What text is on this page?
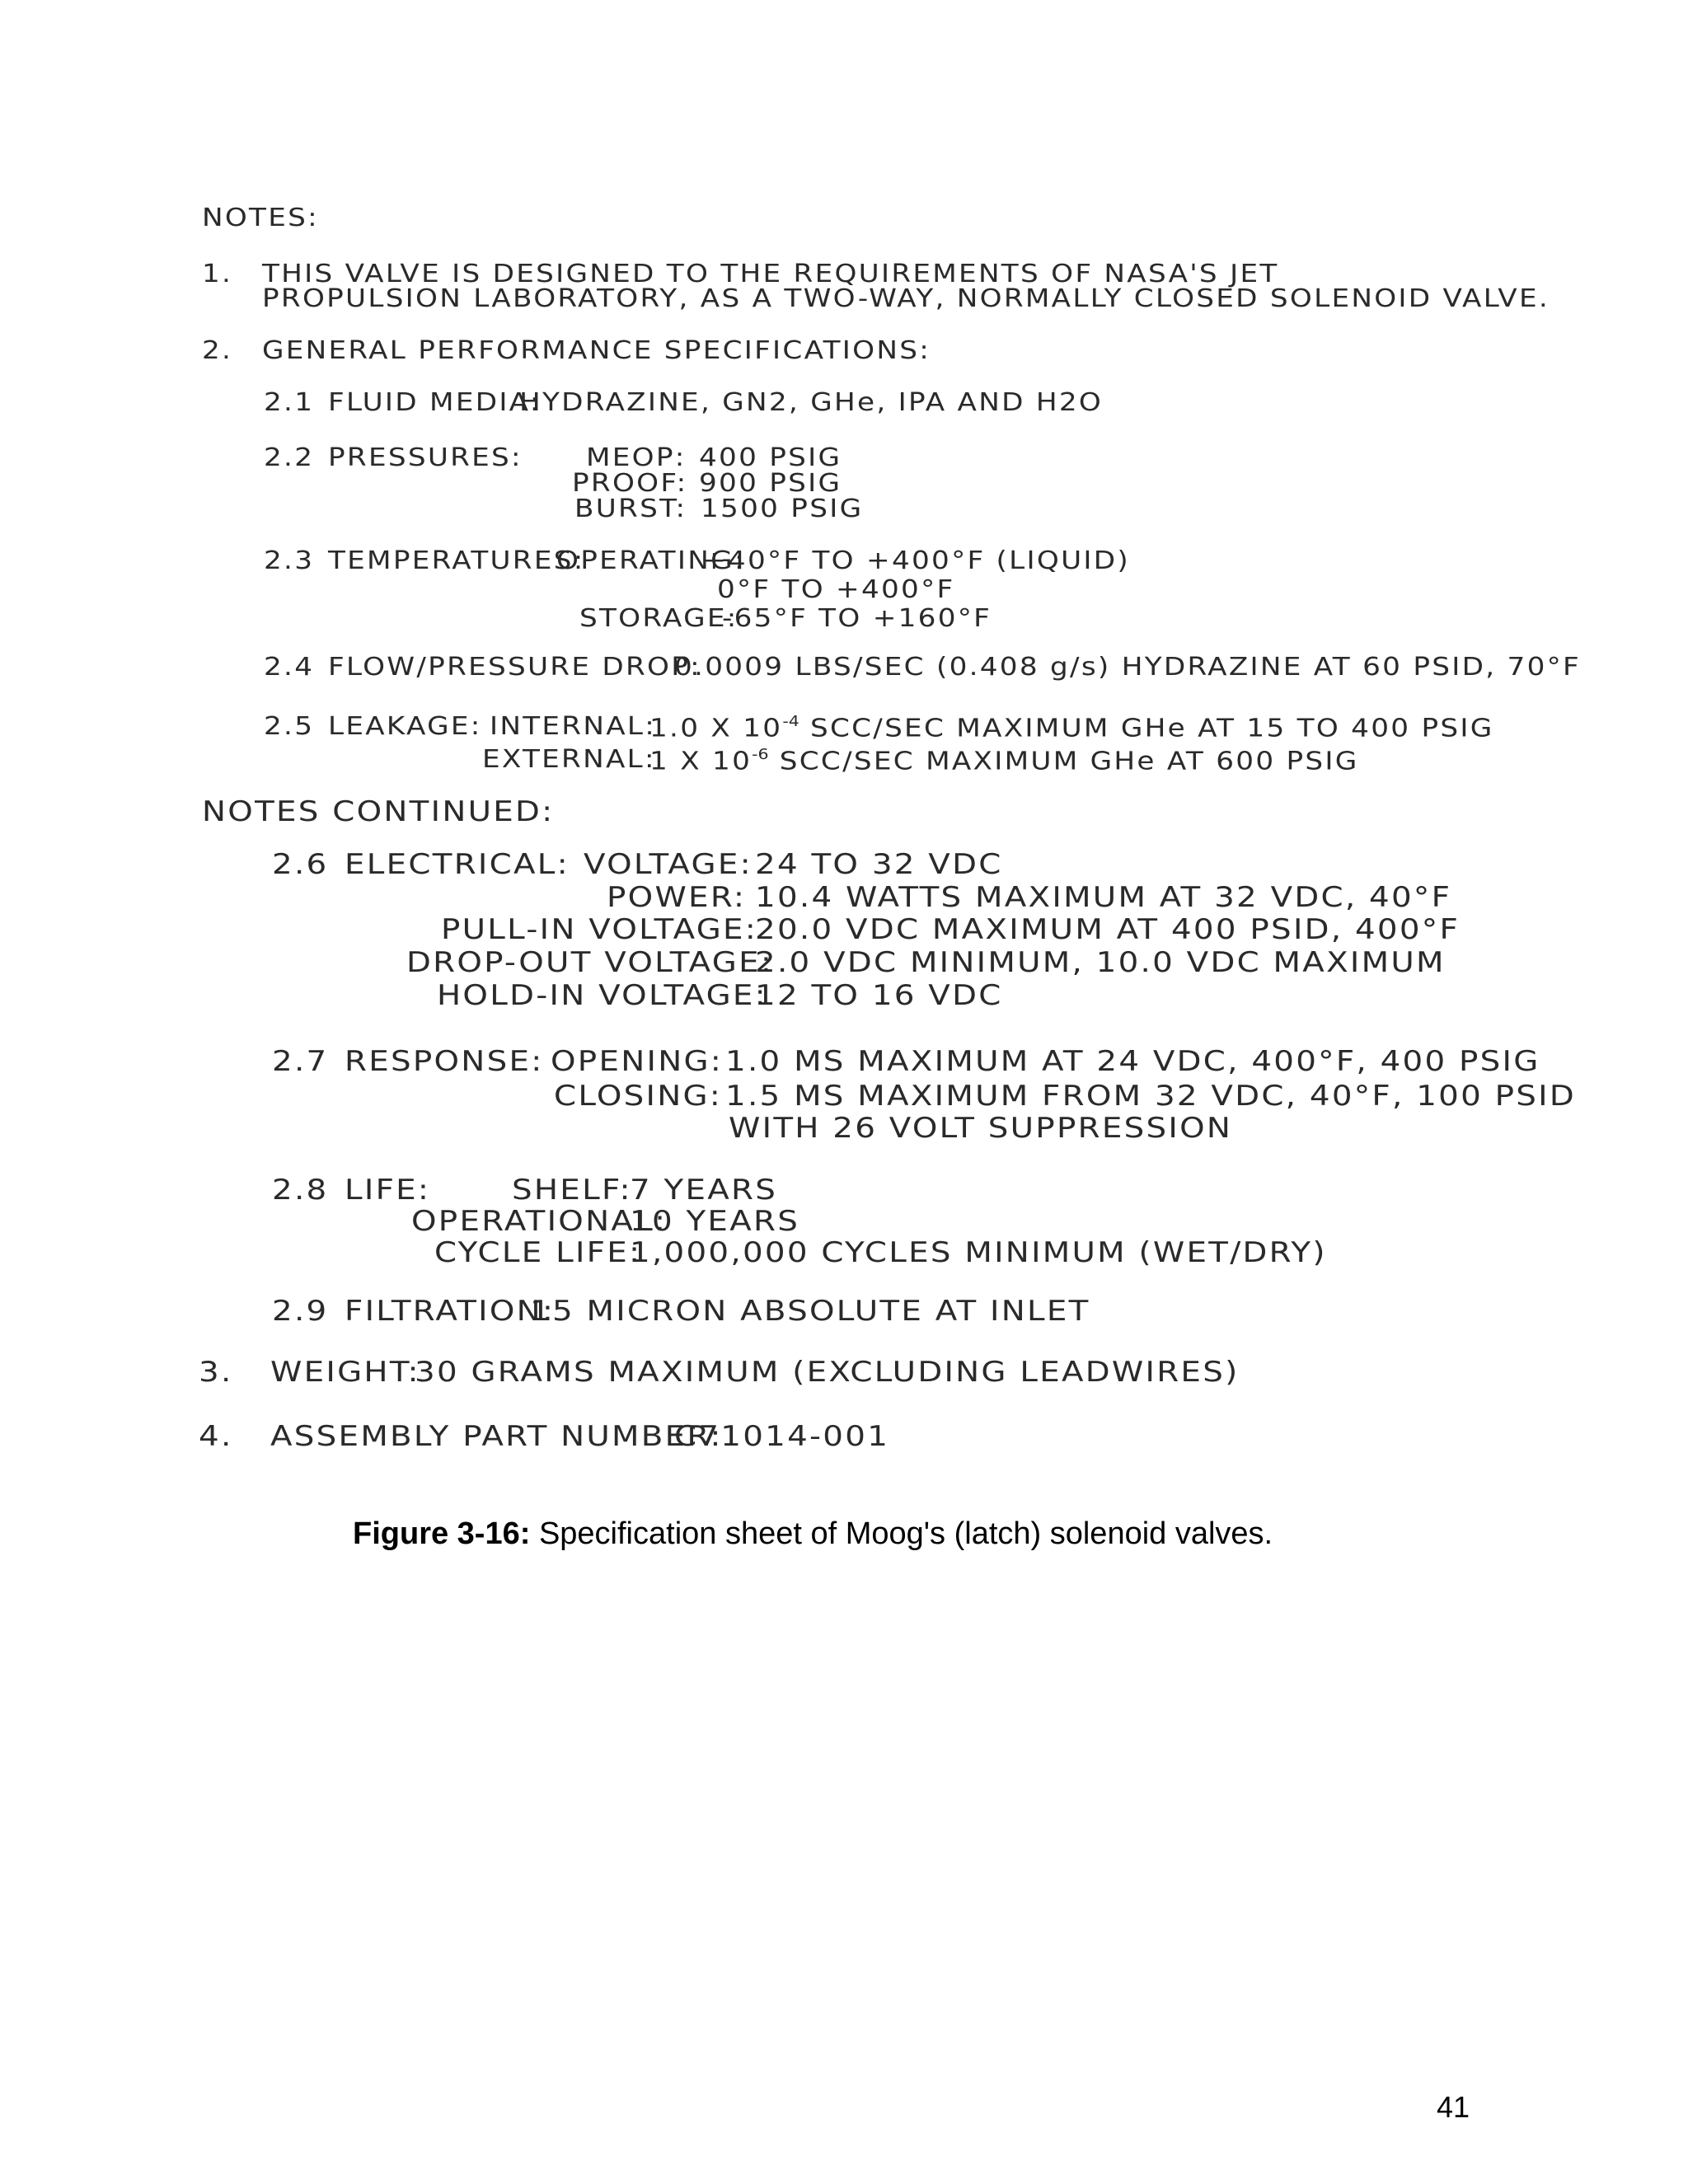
NOTES:
1. THIS VALVE IS DESIGNED TO THE REQUIREMENTS OF NASA'S JET
PROPULSION LABORATORY, AS A TWO-WAY, NORMALLY CLOSED SOLENOID VALVE.
2. GENERAL PERFORMANCE SPECIFICATIONS:
2.1 FLUID MEDIA:
HYDRAZINE, GN2, GHe, IPA AND H2O
2.2 PRESSURES:	MEOP: 400 PSIG
PROOF: 900 PSIG
BURST: 1500 PSIG
2.3 TEMPERATURES:
OPERATING:
+40°F TO +400°F (LIQUID)
0°F TO +400°F
STORAGE:
-65°F TO +160°F
2.4 FLOW/PRESSURE DROP:
0.0009 LBS/SEC (0.408 g/s) HYDRAZINE AT 60 PSID, 70°F
2.5 LEAKAGE: INTERNAL:
1.0 X $10^{-4}$ SCC/SEC MAXIMUM GHe AT 15 TO 400 PSIG
EXTERNAL:
1 X $10^{-6}$ SCC/SEC MAXIMUM GHe AT 600 PSIG
NOTES CONTINUED:
2.6 ELECTRICAL: VOLTAGE: 24 TO 32 VDC
POWER: 10.4 WATTS MAXIMUM AT 32 VDC, 40°F
PULL-IN VOLTAGE:
20.0 VDC MAXIMUM AT 400 PSID, 400°F
DROP-OUT VOLTAGE:
2.0 VDC MINIMUM, 10.0 VDC MAXIMUM
HOLD-IN VOLTAGE:
12 TO 16 VDC
2.7 RESPONSE: OPENING: 1.0 MS MAXIMUM AT 24 VDC, 400°F, 400 PSIG
CLOSING: 1.5 MS MAXIMUM FROM 32 VDC, 40°F, 100 PSID
WITH 26 VOLT SUPPRESSION
2.8 LIFE:	SHELF:
7 YEARS
OPERATIONAL:
10 YEARS
CYCLE LIFE:
1,000,000 CYCLES MINIMUM (WET/DRY)
2.9 FILTRATION:
15 MICRON ABSOLUTE AT INLET
3. WEIGHT:
30 GRAMS MAXIMUM (EXCLUDING LEADWIRES)
4. ASSEMBLY PART NUMBER:
C71014-001
Figure 3-16: Specification sheet of Moog's (latch) solenoid valves.
41
